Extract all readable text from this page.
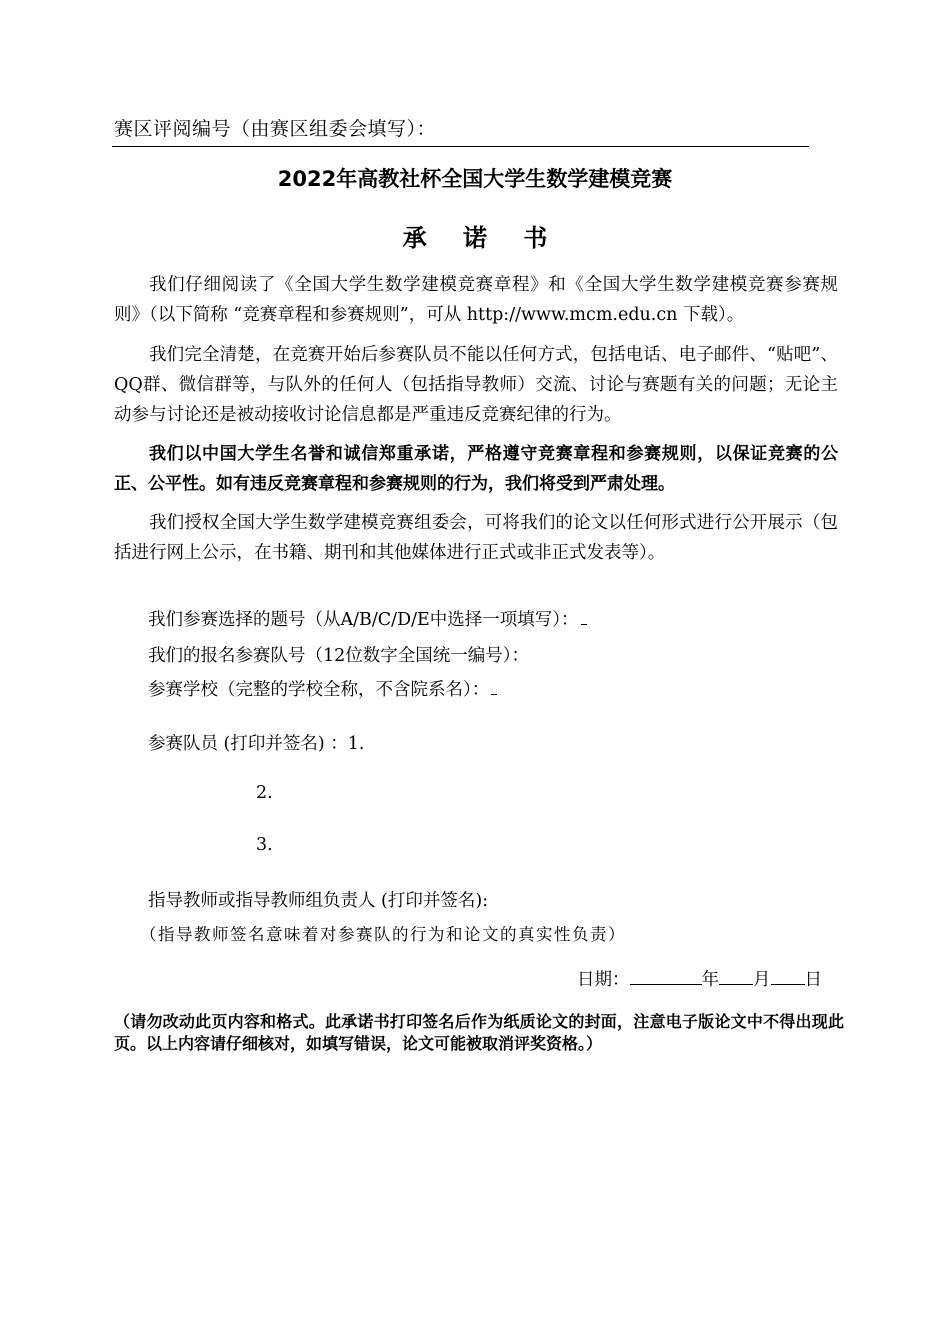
赛区评阅编号（由赛区组委会填写）：
2022年高教社杯全国大学生数学建模竞赛
承 诺 书
我们仔细阅读了《全国大学生数学建模竞赛章程》和《全国大学生数学建模竞赛参赛规则》（以下简称 “竞赛章程和参赛规则”，可从 http://www.mcm.edu.cn 下载）。
我们完全清楚，在竞赛开始后参赛队员不能以任何方式，包括电话、电子邮件、“贴吧”、QQ群、微信群等，与队外的任何人（包括指导教师）交流、讨论与赛题有关的问题；无论主动参与讨论还是被动接收讨论信息都是严重违反竞赛纪律的行为。
我们以中国大学生名誉和诚信郑重承诺，严格遵守竞赛章程和参赛规则，以保证竞赛的公正、公平性。如有违反竞赛章程和参赛规则的行为，我们将受到严肃处理。
我们授权全国大学生数学建模竞赛组委会，可将我们的论文以任何形式进行公开展示（包括进行网上公示，在书籍、期刊和其他媒体进行正式或非正式发表等）。
我们参赛选择的题号（从A/B/C/D/E中选择一项填写）：
我们的报名参赛队号（12位数字全国统一编号）：
参赛学校（完整的学校全称，不含院系名）：
参赛队员 (打印并签名) ：1.
2.
3.
指导教师或指导教师组负责人 (打印并签名):
（指导教师签名意味着对参赛队的行为和论文的真实性负责）
日期：	年 月 日
（请勿改动此页内容和格式。此承诺书打印签名后作为纸质论文的封面，注意电子版论文中不得出现此页。以上内容请仔细核对，如填写错误，论文可能被取消评奖资格。）
